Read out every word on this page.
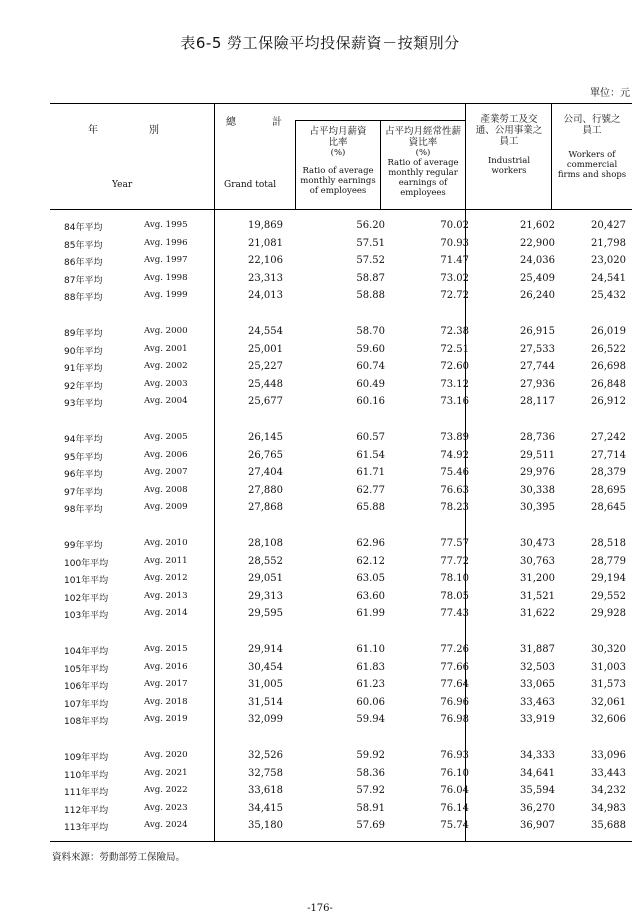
表6-5 勞工保險平均投保薪資－按類別分
單位：元
年	別
Year
總	計
Grand total
占平均月薪資比率
(%)
Ratio of average monthly earnings of employees
占平均月經常性薪資比率
(%)
Ratio of average monthly regular earnings of employees
產業勞工及交通、公用事業之員工
Industrial workers
公司、行號之員工
Workers of commercial firms and shops
84年平均	Avg. 1995	19,869	56.20	70.02	21,602	20,427
85年平均	Avg. 1996	21,081	57.51	70.93	22,900	21,798
86年平均	Avg. 1997	22,106	57.52	71.47	24,036	23,020
87年平均	Avg. 1998	23,313	58.87	73.02	25,409	24,541
88年平均	Avg. 1999	24,013	58.88	72.72	26,240	25,432
89年平均	Avg. 2000	24,554	58.70	72.38	26,915	26,019
90年平均	Avg. 2001	25,001	59.60	72.51	27,533	26,522
91年平均	Avg. 2002	25,227	60.74	72.60	27,744	26,698
92年平均	Avg. 2003	25,448	60.49	73.12	27,936	26,848
93年平均	Avg. 2004	25,677	60.16	73.16	28,117	26,912
94年平均	Avg. 2005	26,145	60.57	73.89	28,736	27,242
95年平均	Avg. 2006	26,765	61.54	74.92	29,511	27,714
96年平均	Avg. 2007	27,404	61.71	75.46	29,976	28,379
97年平均	Avg. 2008	27,880	62.77	76.63	30,338	28,695
98年平均	Avg. 2009	27,868	65.88	78.23	30,395	28,645
99年平均	Avg. 2010	28,108	62.96	77.57	30,473	28,518
100年平均	Avg. 2011	28,552	62.12	77.72	30,763	28,779
101年平均	Avg. 2012	29,051	63.05	78.10	31,200	29,194
102年平均	Avg. 2013	29,313	63.60	78.05	31,521	29,552
103年平均	Avg. 2014	29,595	61.99	77.43	31,622	29,928
104年平均	Avg. 2015	29,914	61.10	77.26	31,887	30,320
105年平均	Avg. 2016	30,454	61.83	77.66	32,503	31,003
106年平均	Avg. 2017	31,005	61.23	77.64	33,065	31,573
107年平均	Avg. 2018	31,514	60.06	76.96	33,463	32,061
108年平均	Avg. 2019	32,099	59.94	76.98	33,919	32,606
109年平均	Avg. 2020	32,526	59.92	76.93	34,333	33,096
110年平均	Avg. 2021	32,758	58.36	76.10	34,641	33,443
111年平均	Avg. 2022	33,618	57.92	76.04	35,594	34,232
112年平均	Avg. 2023	34,415	58.91	76.14	36,270	34,983
113年平均	Avg. 2024	35,180	57.69	75.74	36,907	35,688
資料來源：勞動部勞工保險局。
-176-
